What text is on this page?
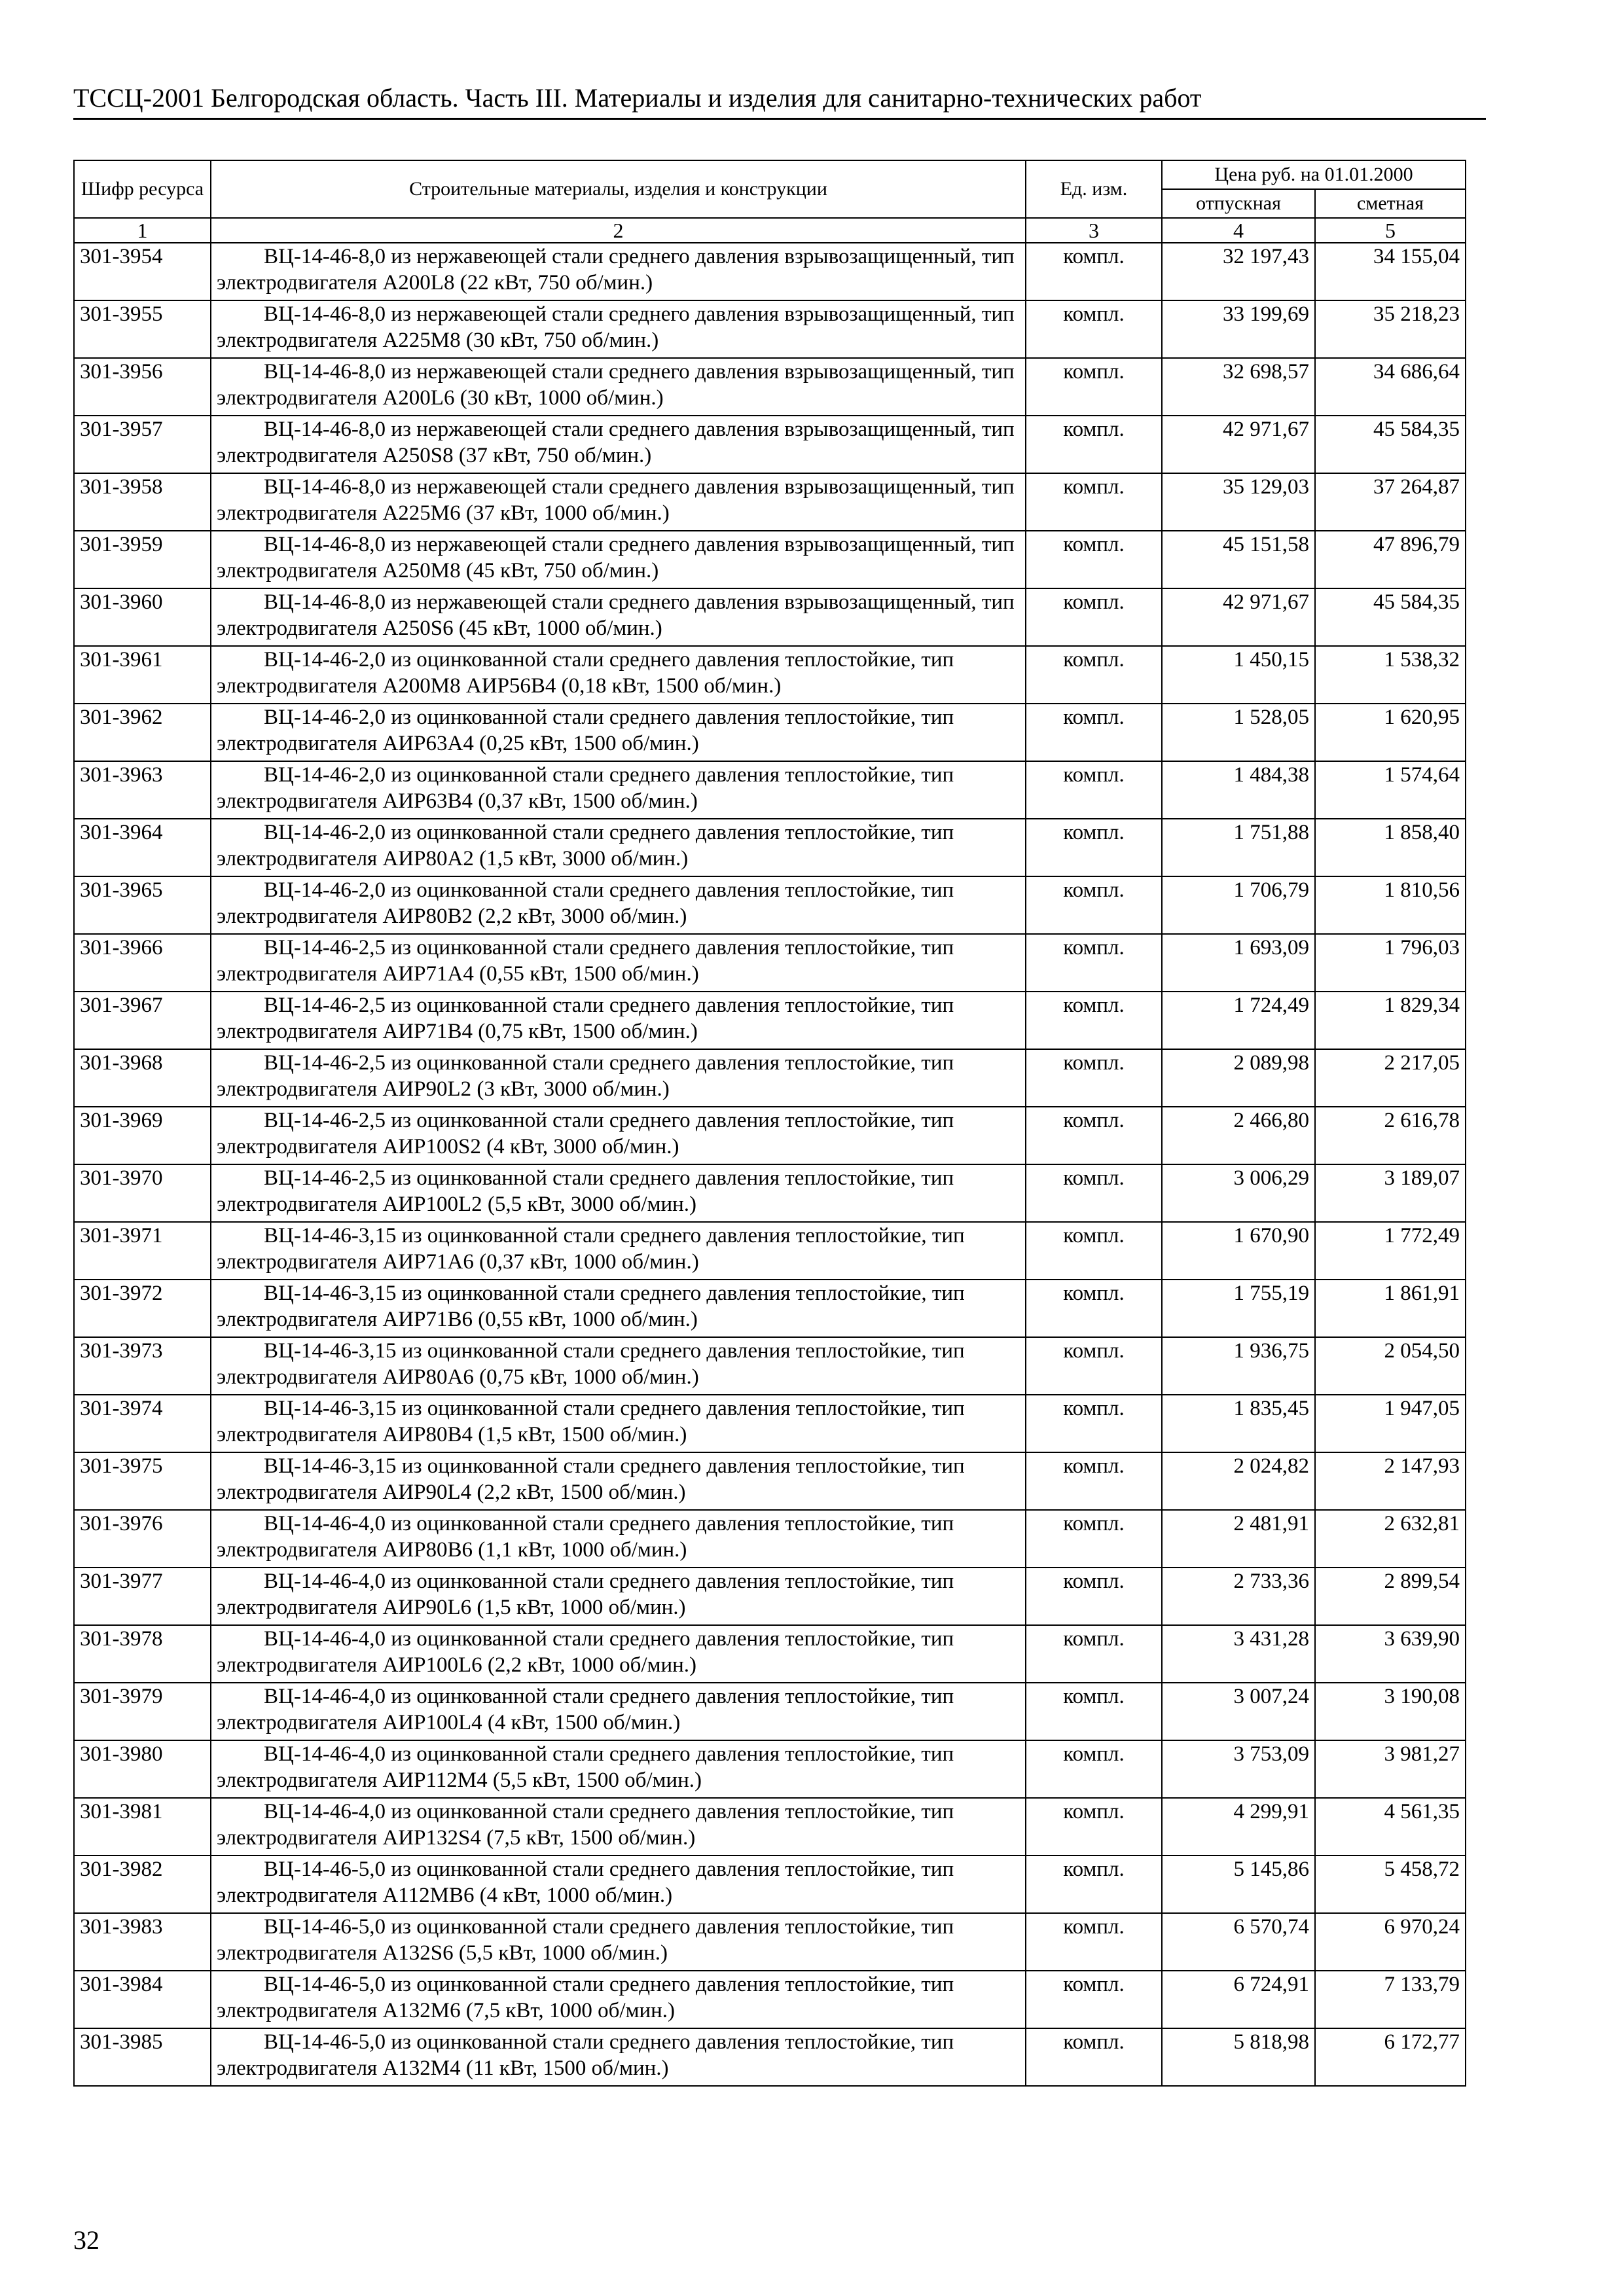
ТССЦ-2001 Белгородская область. Часть III. Материалы и изделия для санитарно-технических работ
Шифр ресурса	Строительные материалы, изделия и конструкции	Ед. изм.	Цена руб. на 01.01.2000	
			отпускная	сметная
1	2	3	4	5
301-3954	ВЦ-14-46-8,0 из нержавеющей стали среднего давления взрывозащищенный, тип электродвигателя А200L8 (22 кВт, 750 об/мин.)	компл.	32 197,43	34 155,04
301-3955	ВЦ-14-46-8,0 из нержавеющей стали среднего давления взрывозащищенный, тип электродвигателя А225М8 (30 кВт, 750 об/мин.)	компл.	33 199,69	35 218,23
301-3956	ВЦ-14-46-8,0 из нержавеющей стали среднего давления взрывозащищенный, тип электродвигателя А200L6 (30 кВт, 1000 об/мин.)	компл.	32 698,57	34 686,64
301-3957	ВЦ-14-46-8,0 из нержавеющей стали среднего давления взрывозащищенный, тип электродвигателя А250S8 (37 кВт, 750 об/мин.)	компл.	42 971,67	45 584,35
301-3958	ВЦ-14-46-8,0 из нержавеющей стали среднего давления взрывозащищенный, тип электродвигателя А225М6 (37 кВт, 1000 об/мин.)	компл.	35 129,03	37 264,87
301-3959	ВЦ-14-46-8,0 из нержавеющей стали среднего давления взрывозащищенный, тип электродвигателя А250М8 (45 кВт, 750 об/мин.)	компл.	45 151,58	47 896,79
301-3960	ВЦ-14-46-8,0 из нержавеющей стали среднего давления взрывозащищенный, тип электродвигателя А250S6 (45 кВт, 1000 об/мин.)	компл.	42 971,67	45 584,35
301-3961	ВЦ-14-46-2,0 из оцинкованной стали среднего давления теплостойкие, тип электродвигателя А200М8 АИР56В4 (0,18 кВт, 1500 об/мин.)	компл.	1 450,15	1 538,32
301-3962	ВЦ-14-46-2,0 из оцинкованной стали среднего давления теплостойкие, тип электродвигателя АИР63А4 (0,25 кВт, 1500 об/мин.)	компл.	1 528,05	1 620,95
301-3963	ВЦ-14-46-2,0 из оцинкованной стали среднего давления теплостойкие, тип электродвигателя АИР63В4 (0,37 кВт, 1500 об/мин.)	компл.	1 484,38	1 574,64
301-3964	ВЦ-14-46-2,0 из оцинкованной стали среднего давления теплостойкие, тип электродвигателя АИР80А2 (1,5 кВт, 3000 об/мин.)	компл.	1 751,88	1 858,40
301-3965	ВЦ-14-46-2,0 из оцинкованной стали среднего давления теплостойкие, тип электродвигателя АИР80В2 (2,2 кВт, 3000 об/мин.)	компл.	1 706,79	1 810,56
301-3966	ВЦ-14-46-2,5 из оцинкованной стали среднего давления теплостойкие, тип электродвигателя АИР71А4 (0,55 кВт, 1500 об/мин.)	компл.	1 693,09	1 796,03
301-3967	ВЦ-14-46-2,5 из оцинкованной стали среднего давления теплостойкие, тип электродвигателя АИР71В4 (0,75 кВт, 1500 об/мин.)	компл.	1 724,49	1 829,34
301-3968	ВЦ-14-46-2,5 из оцинкованной стали среднего давления теплостойкие, тип электродвигателя АИР90L2 (3 кВт, 3000 об/мин.)	компл.	2 089,98	2 217,05
301-3969	ВЦ-14-46-2,5 из оцинкованной стали среднего давления теплостойкие, тип электродвигателя АИР100S2 (4 кВт, 3000 об/мин.)	компл.	2 466,80	2 616,78
301-3970	ВЦ-14-46-2,5 из оцинкованной стали среднего давления теплостойкие, тип электродвигателя АИР100L2 (5,5 кВт, 3000 об/мин.)	компл.	3 006,29	3 189,07
301-3971	ВЦ-14-46-3,15 из оцинкованной стали среднего давления теплостойкие, тип электродвигателя АИР71А6 (0,37 кВт, 1000 об/мин.)	компл.	1 670,90	1 772,49
301-3972	ВЦ-14-46-3,15 из оцинкованной стали среднего давления теплостойкие, тип электродвигателя АИР71В6 (0,55 кВт, 1000 об/мин.)	компл.	1 755,19	1 861,91
301-3973	ВЦ-14-46-3,15 из оцинкованной стали среднего давления теплостойкие, тип электродвигателя АИР80А6 (0,75 кВт, 1000 об/мин.)	компл.	1 936,75	2 054,50
301-3974	ВЦ-14-46-3,15 из оцинкованной стали среднего давления теплостойкие, тип электродвигателя АИР80В4 (1,5 кВт, 1500 об/мин.)	компл.	1 835,45	1 947,05
301-3975	ВЦ-14-46-3,15 из оцинкованной стали среднего давления теплостойкие, тип электродвигателя АИР90L4 (2,2 кВт, 1500 об/мин.)	компл.	2 024,82	2 147,93
301-3976	ВЦ-14-46-4,0 из оцинкованной стали среднего давления теплостойкие, тип электродвигателя АИР80В6 (1,1 кВт, 1000 об/мин.)	компл.	2 481,91	2 632,81
301-3977	ВЦ-14-46-4,0 из оцинкованной стали среднего давления теплостойкие, тип электродвигателя АИР90L6 (1,5 кВт, 1000 об/мин.)	компл.	2 733,36	2 899,54
301-3978	ВЦ-14-46-4,0 из оцинкованной стали среднего давления теплостойкие, тип электродвигателя АИР100L6 (2,2 кВт, 1000 об/мин.)	компл.	3 431,28	3 639,90
301-3979	ВЦ-14-46-4,0 из оцинкованной стали среднего давления теплостойкие, тип электродвигателя АИР100L4 (4 кВт, 1500 об/мин.)	компл.	3 007,24	3 190,08
301-3980	ВЦ-14-46-4,0 из оцинкованной стали среднего давления теплостойкие, тип электродвигателя АИР112М4 (5,5 кВт, 1500 об/мин.)	компл.	3 753,09	3 981,27
301-3981	ВЦ-14-46-4,0 из оцинкованной стали среднего давления теплостойкие, тип электродвигателя АИР132S4 (7,5 кВт, 1500 об/мин.)	компл.	4 299,91	4 561,35
301-3982	ВЦ-14-46-5,0 из оцинкованной стали среднего давления теплостойкие, тип электродвигателя А112МВ6 (4 кВт, 1000 об/мин.)	компл.	5 145,86	5 458,72
301-3983	ВЦ-14-46-5,0 из оцинкованной стали среднего давления теплостойкие, тип электродвигателя А132S6 (5,5 кВт, 1000 об/мин.)	компл.	6 570,74	6 970,24
301-3984	ВЦ-14-46-5,0 из оцинкованной стали среднего давления теплостойкие, тип электродвигателя А132М6 (7,5 кВт, 1000 об/мин.)	компл.	6 724,91	7 133,79
301-3985	ВЦ-14-46-5,0 из оцинкованной стали среднего давления теплостойкие, тип электродвигателя А132М4 (11 кВт, 1500 об/мин.)	компл.	5 818,98	6 172,77
32
